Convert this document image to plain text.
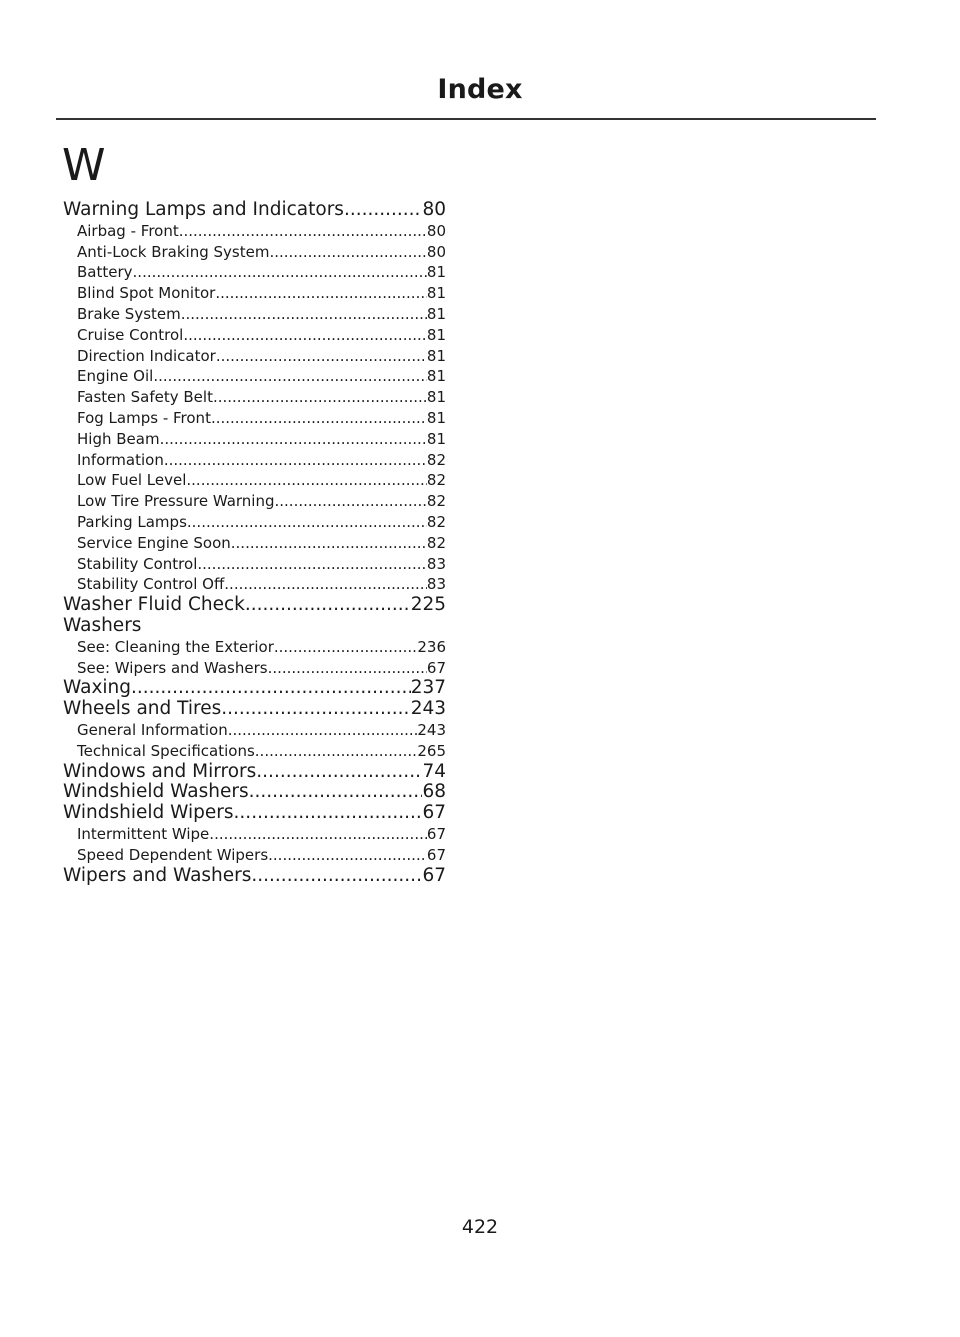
Index
W
Warning Lamps and Indicators .....	80
Airbag - Front .....	80
Anti-Lock Braking System .....	80
Battery .....	81
Blind Spot Monitor .....	81
Brake System .....	81
Cruise Control .....	81
Direction Indicator .....	81
Engine Oil .....	81
Fasten Safety Belt .....	81
Fog Lamps - Front .....	81
High Beam .....	81
Information .....	82
Low Fuel Level .....	82
Low Tire Pressure Warning .....	82
Parking Lamps .....	82
Service Engine Soon .....	82
Stability Control .....	83
Stability Control Off .....	83
Washer Fluid Check .....	225
Washers
See: Cleaning the Exterior .....	236
See: Wipers and Washers .....	67
Waxing .....	237
Wheels and Tires .....	243
General Information .....	243
Technical Specifications .....	265
Windows and Mirrors .....	74
Windshield Washers .....	68
Windshield Wipers .....	67
Intermittent Wipe .....	67
Speed Dependent Wipers .....	67
Wipers and Washers .....	67
422
